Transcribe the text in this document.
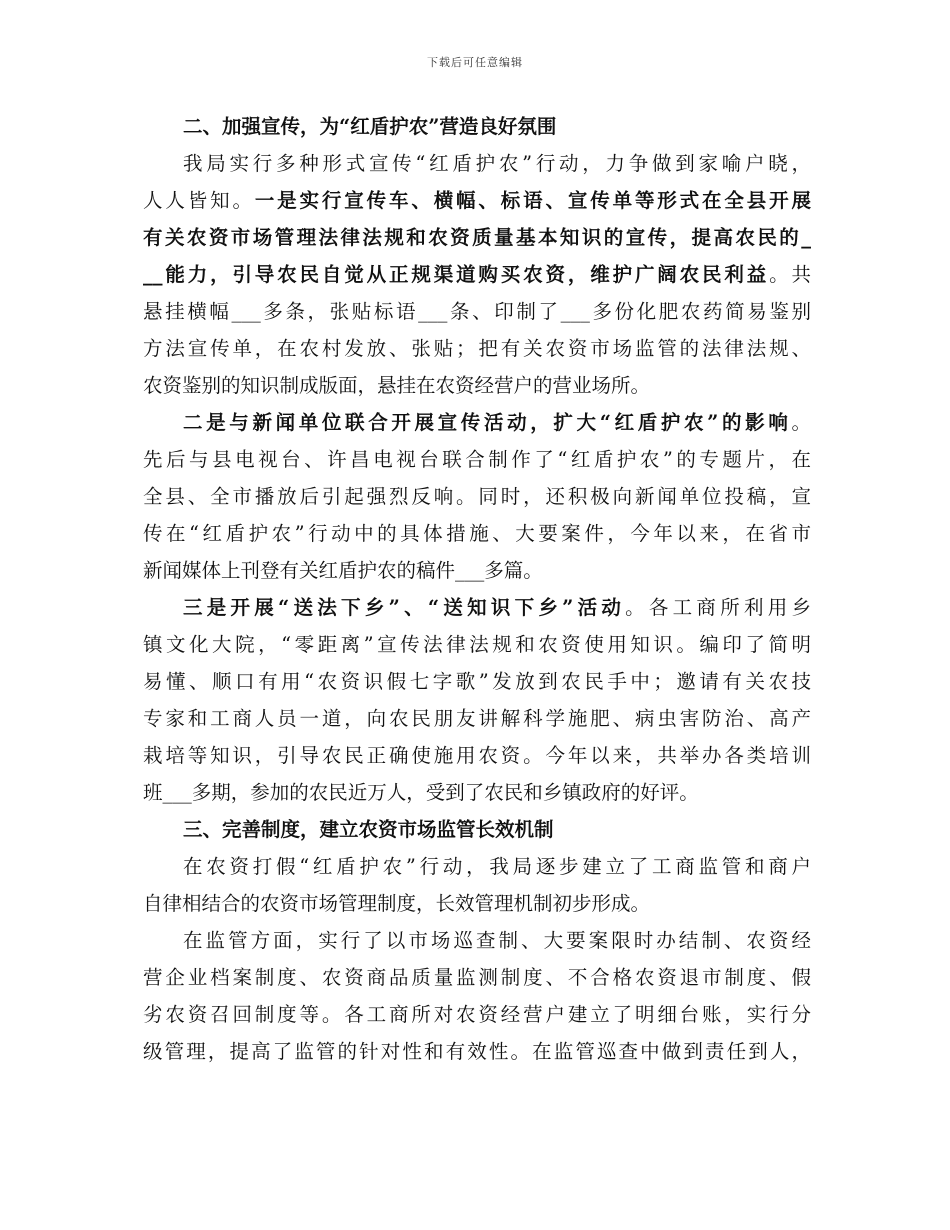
下载后可任意编辑
二、加强宣传，为“红盾护农”营造良好氛围
我局实行多种形式宣传“红盾护农”行动，力争做到家喻户晓，
人人皆知。一是实行宣传车、横幅、标语、宣传单等形式在全县开展
有关农资市场管理法律法规和农资质量基本知识的宣传，提高农民的_
__能力，引导农民自觉从正规渠道购买农资，维护广阔农民利益。共
悬挂横幅___多条，张贴标语___条、印制了___多份化肥农药简易鉴别
方法宣传单，在农村发放、张贴；把有关农资市场监管的法律法规、
农资鉴别的知识制成版面，悬挂在农资经营户的营业场所。
二是与新闻单位联合开展宣传活动，扩大“红盾护农”的影响。
先后与县电视台、许昌电视台联合制作了“红盾护农”的专题片，在
全县、全市播放后引起强烈反响。同时，还积极向新闻单位投稿，宣
传在“红盾护农”行动中的具体措施、大要案件，今年以来，在省市
新闻媒体上刊登有关红盾护农的稿件___多篇。
三是开展“送法下乡”、“送知识下乡”活动。各工商所利用乡
镇文化大院，“零距离”宣传法律法规和农资使用知识。编印了简明
易懂、顺口有用“农资识假七字歌”发放到农民手中；邀请有关农技
专家和工商人员一道，向农民朋友讲解科学施肥、病虫害防治、高产
栽培等知识，引导农民正确使施用农资。今年以来，共举办各类培训
班___多期，参加的农民近万人，受到了农民和乡镇政府的好评。
三、完善制度，建立农资市场监管长效机制
在农资打假“红盾护农”行动，我局逐步建立了工商监管和商户
自律相结合的农资市场管理制度，长效管理机制初步形成。
在监管方面，实行了以市场巡查制、大要案限时办结制、农资经
营企业档案制度、农资商品质量监测制度、不合格农资退市制度、假
劣农资召回制度等。各工商所对农资经营户建立了明细台账，实行分
级管理，提高了监管的针对性和有效性。在监管巡查中做到责任到人，
